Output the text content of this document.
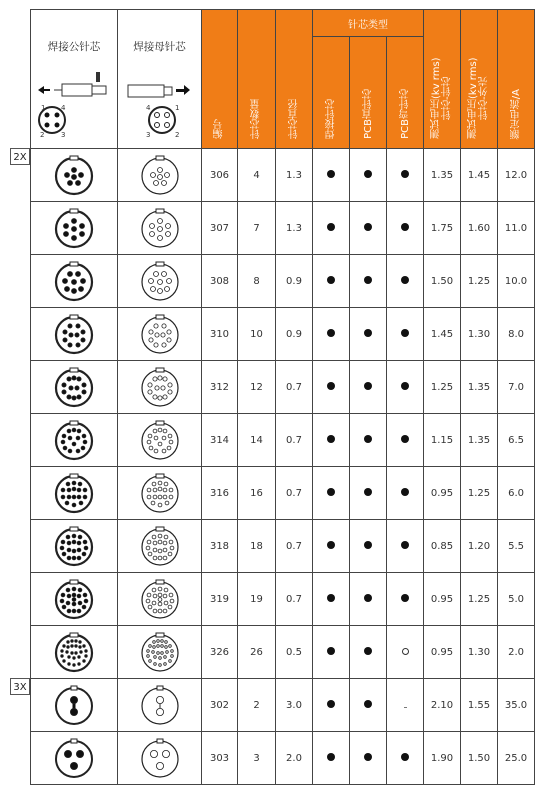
2X
3X
焊接公针芯
1 4
2 3	焊接母针芯
4 1
3 2	编号	针芯数量	针芯直径	针芯类型			测试电压(kv rms) 针芯-针芯	测试电压(kv rms) 针芯-外壳	额定电流/A
					焊接针芯	PCB直针芯	PCB弯针芯			

	306	4	1.3				1.35	1.45	12.0

	307	7	1.3				1.75	1.60	11.0

	308	8	0.9				1.50	1.25	10.0

	310	10	0.9				1.45	1.30	8.0

	312	12	0.7				1.25	1.35	7.0

	314	14	0.7				1.15	1.35	6.5

	316	16	0.7				0.95	1.25	6.0

	318	18	0.7				0.85	1.20	5.5

	319	19	0.7				0.95	1.25	5.0

	326	26	0.5				0.95	1.30	2.0

	302	2	3.0				2.10	1.55	35.0

	303	3	2.0				1.90	1.50	25.0
